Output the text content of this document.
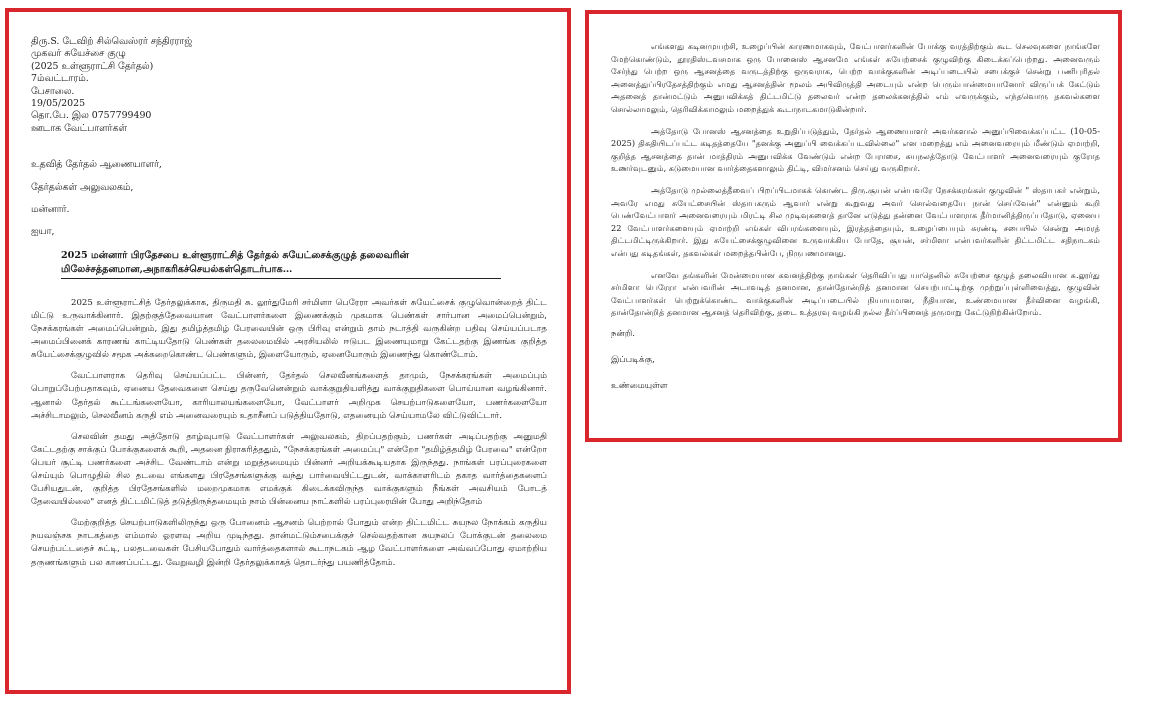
திரு.S. டேவிற் சில்வெஸ்ரர் சந்திரராஜ்
முகவர் சுயேச்சை குழு
(2025 உள்ளூராட்சி தேர்தல்)
7ம்வட்டாரம்.
பேசாலை.
19/05/2025
தொ.பே. இல 0757799490
ஊடாக வேட்பாளர்கள்
உதவித் தேர்தல் ஆணையாளர்,
தேர்தல்கள் அலுவலகம்,
மன்னார்.
ஐயா,
2025 மன்னார் பிரதேசபை உள்ளூராட்சித் தேர்தல் சுயேட்சைக்குழுத் தலைவரின்
மிலேச்சத்தனமான,அநாகரிகச்செயல்கள்தொடர்பாக…

2025 உள்ளூராட்சித் தேர்தலுக்காக, திருமதி சு. லூர்துமேரி சர்மிளா பெரேரா அவர்கள் சுயேட்சைக் குழுவொன்றைத் திட்ட மிட்டு உருவாக்கினார். இதற்குத்தேவையான வேட்பாளர்களை இணைக்கும் முகமாக பெண்கள் சார்பான அமைப்பென்றும், நேசக்கரங்கள் அமைப்பென்றும், இது தமிழ்த்தமிழ் பேரவையின் ஒரு பிரிவு என்றும் தாம் நடாத்தி வருகின்ற பதிவு செய்யப்படாத அமைப்பினைக் காரணங் காட்டியதோடு பெண்கள் தலைமையில் அரசியலில் ஈடுபட இணையுமாறு கேட்டதற்கு இணங்க குறித்த சுயேட்சைக்குழுவில் சமூக அக்கறைகொண்ட பெண்களும், இளையோரும், ஏனையோரும் இணைந்து கொண்டோம்.

வேட்பாளராக தெரிவு செய்யப்பட்ட பின்னர், தேர்தல் செலவீனங்களைத் தாமும், நேசக்கரங்கள் அமைப்பும் பொறுப்பேற்பதாகவும், ஏனைய தேவைகளை செய்து தருவேனென்றும் வாக்குறுதியளித்து வாக்குறுதிகளை பொய்யான வழங்கினார். ஆனால் தேர்தல் கூட்டங்களையோ, காரியாலயங்களையோ, வேட்பாளர் அறிமுக செயற்பாடுகளையோ, பணர்களையோ அச்சிடாமலும், செலவீனம் கருதி எம் அனைவரையும் உதாசீனப் படுத்தியதோடு, எதனையும் செய்யாமலே விட்டுவிட்டார்.

செலவின் தமது அத்தோடு தாழ்வுபாடு வேட்பாளர்கள் அலுவலகம், திறப்பதற்கும், பணர்கள் அடிப்பதற்கு அனுமதி கேட்டதற்கு சாக்குப் போக்குகளைக் கூறி, அதனை நிராகரித்ததும், "நேசக்கரங்கள் அமைப்பு" என்றோ "தமிழ்த்தமிழ் பேரவை" என்றோ பெயர் சூட்டி பணர்களை அச்சிட வேண்டாம் என்று மறுத்தமையும் பின்னர் அறியக்கூடியதாக இருந்தது. நாங்கள் பரப்புரைகளை செய்யும் பொழுதில் சில தடவை எங்களது பிரதேசங்களுக்கு வந்து பார்வையிட்டதுடன், வாக்காளரிடம் தகாத வார்த்தைகளைப் பேசியதுடன், குறித்த பிரதேசங்களில் மறைமுகமாக எமக்குக் கிடைக்கவிருந்த வாக்குகளும் நீங்கள் அவசியம் போடத் தேவையில்லை" எனத் திட்டமிட்டுத் தடுத்திருந்தமையும் நாம் பின்னைய நாட்களில் பரப்புரையின் போது அறிந்தோம்

மேற்குறித்த செயற்பாடுகளிலிருந்து ஒரு போனைம் ஆசனம் பெற்றால் போதும் என்ற திட்டமிட்ட சுயநல நோக்கம் கருதிய நயவஞ்சக நாடகத்தை எம்மால் ஓரளவு அறிய முடிந்தது. தான்மட்டும்சபைக்குச் செல்வதற்கான சுயநலப் போக்குடன் தலைமை செயற்பட்டதைச் சுட்டி, பலதடவைகள் பேசியபோதும் வார்த்தைகளால் கூடாநடகம் ஆழ வேட்பாளர்களை அவ்வப்போது ஏமாற்றிய தருணங்களும் பல காணப்பட்டது. வேறுவழி இன்றி தேர்தலுக்காகத் தொடர்ந்து பயணித்தோம்.

எங்களது கடினமுயற்சி, உழைப்பின் காரணமாகவும், வேட்பாளர்களின் போக்கு வரத்திற்கும் கூட செலவுகளை நாங்களே மேற்கொண்டும், தூரதிஸ்டவசமாக ஒரு போனைஸ் ஆசனமே எங்கள் சுயேற்சைக் குழுவிற்கு கிடைக்கப்பெற்றது. அனைவரும் சேர்ந்து பெற்ற ஒரு ஆசனத்தை வருடத்திற்கு ஒருவராக, பெற்ற வாக்குகளின் அடிப்படையில் சபைக்குச் சென்று பணிபுரிதல் அனைத்துப்பிரதேசத்திற்கும் எமது ஆசனத்தின் மூலம் அபிவிருத்தி அடையும் என்ற பெரும்பான்மையானோர் விருப்பக் கேட்டும் அதனைத் தான்மட்டும் அனுபவிக்கத் திட்டமிட்டு தலைவர் என்ற தலைக்கனத்தில் எம் எவருக்கும், எந்தவொரு தகவல்களை சொல்லாமலும், தெரிவிக்காமலும் மறைத்துக் கூடாநாடகமாடுகின்றார்.

அத்தோடு போனஸ் ஆசனத்தை உறுதிப்படுத்தும், தேர்தல் ஆணையாளர் அவர்களால் அனுப்பிவைக்கப்பட்ட (10-05-2025) திகதியிடப்பட்ட கடிதத்தையே "தனக்கு அனுப்பி வைக்கப்படவில்லை" என மறைத்து எம் அனைவரையும் மீண்டும் ஏமாற்றி, குறித்த ஆசனத்தை தான் மாத்திரம் அனுபவிக்க வேண்டும் என்ற பேராசை, சுயநலத்தோடு வேட்பாளர் அனைவரையும் குரோத உணர்வுடனும், கடுமையான வார்த்தைகளாலும் திட்டி, விமர்சனம் செய்து வருகிறார்.

அத்தோடு முல்லைத்தீவைப் பிறப்பிடமாகக் கொண்ட திரு.சூயன் என்பவரே நேசக்கரங்கள் குழுவின் " ஸ்தாபகர் என்றும், அவரே எமது சுயேட்சையின் ஸ்தாபகரும் ஆவார் என்று கூறுவது அவர் சொல்வதையே நான் செய்வேன்" என்னும் கூறி பெண்வேட்பாளர் அனைவரையும் மிரட்டி சில முடிவுகளைத் தானே எடுத்து தன்னை வேட்பாளராக தீர்மானித்திருப்பதோடு, ஏனைய 22 வேட்பாளர்களையும் ஏமாற்றி எங்கள் விபரங்களையும், இரத்தத்தையும், உழைப்பையும் சுரண்டி சபையில் சென்று அமரத் திட்டமிட்டிருக்கிறார். இது சுயேட்சைக்குழுவினை உருவாக்கிய போதே, சூயன், சர்மிளா என்பவர்களின் திட்டமிட்ட சதிநாடகம் என்பது கடிதங்கள், தகவல்கள் மறைத்தபின்பே, நிருபணமானது.

எனவே தங்களின் மேன்மையான கவனத்திற்கு நாங்கள் தெரிவிப்பது யாதெனில் சுயேற்சை குழுத் தலைவியான சு.லூர்து சர்மிளா பெரேரா என்பவரின் அடாவடித் தனமான, தான்தோன்றித் தனமான செயற்பாட்டிற்கு முற்றுப்புள்ளிவைத்து, குழுவின் வேட்பாளர்கள் பெற்றுக்கொண்ட வாக்குகளின் அடிப்படையில் நியாயமான, நீதியான, உண்மையான தீர்வினை வழங்கி, தான்தோன்றித் தனமான ஆசனத் தெரிவிற்கு, தடை உத்தரவு வழங்கி நல்ல தீர்ப்பினைத் தருமாறு கேட்டுநிற்கின்றோம்.

நன்றி.
இப்படிக்கு,
உண்மையுள்ள
